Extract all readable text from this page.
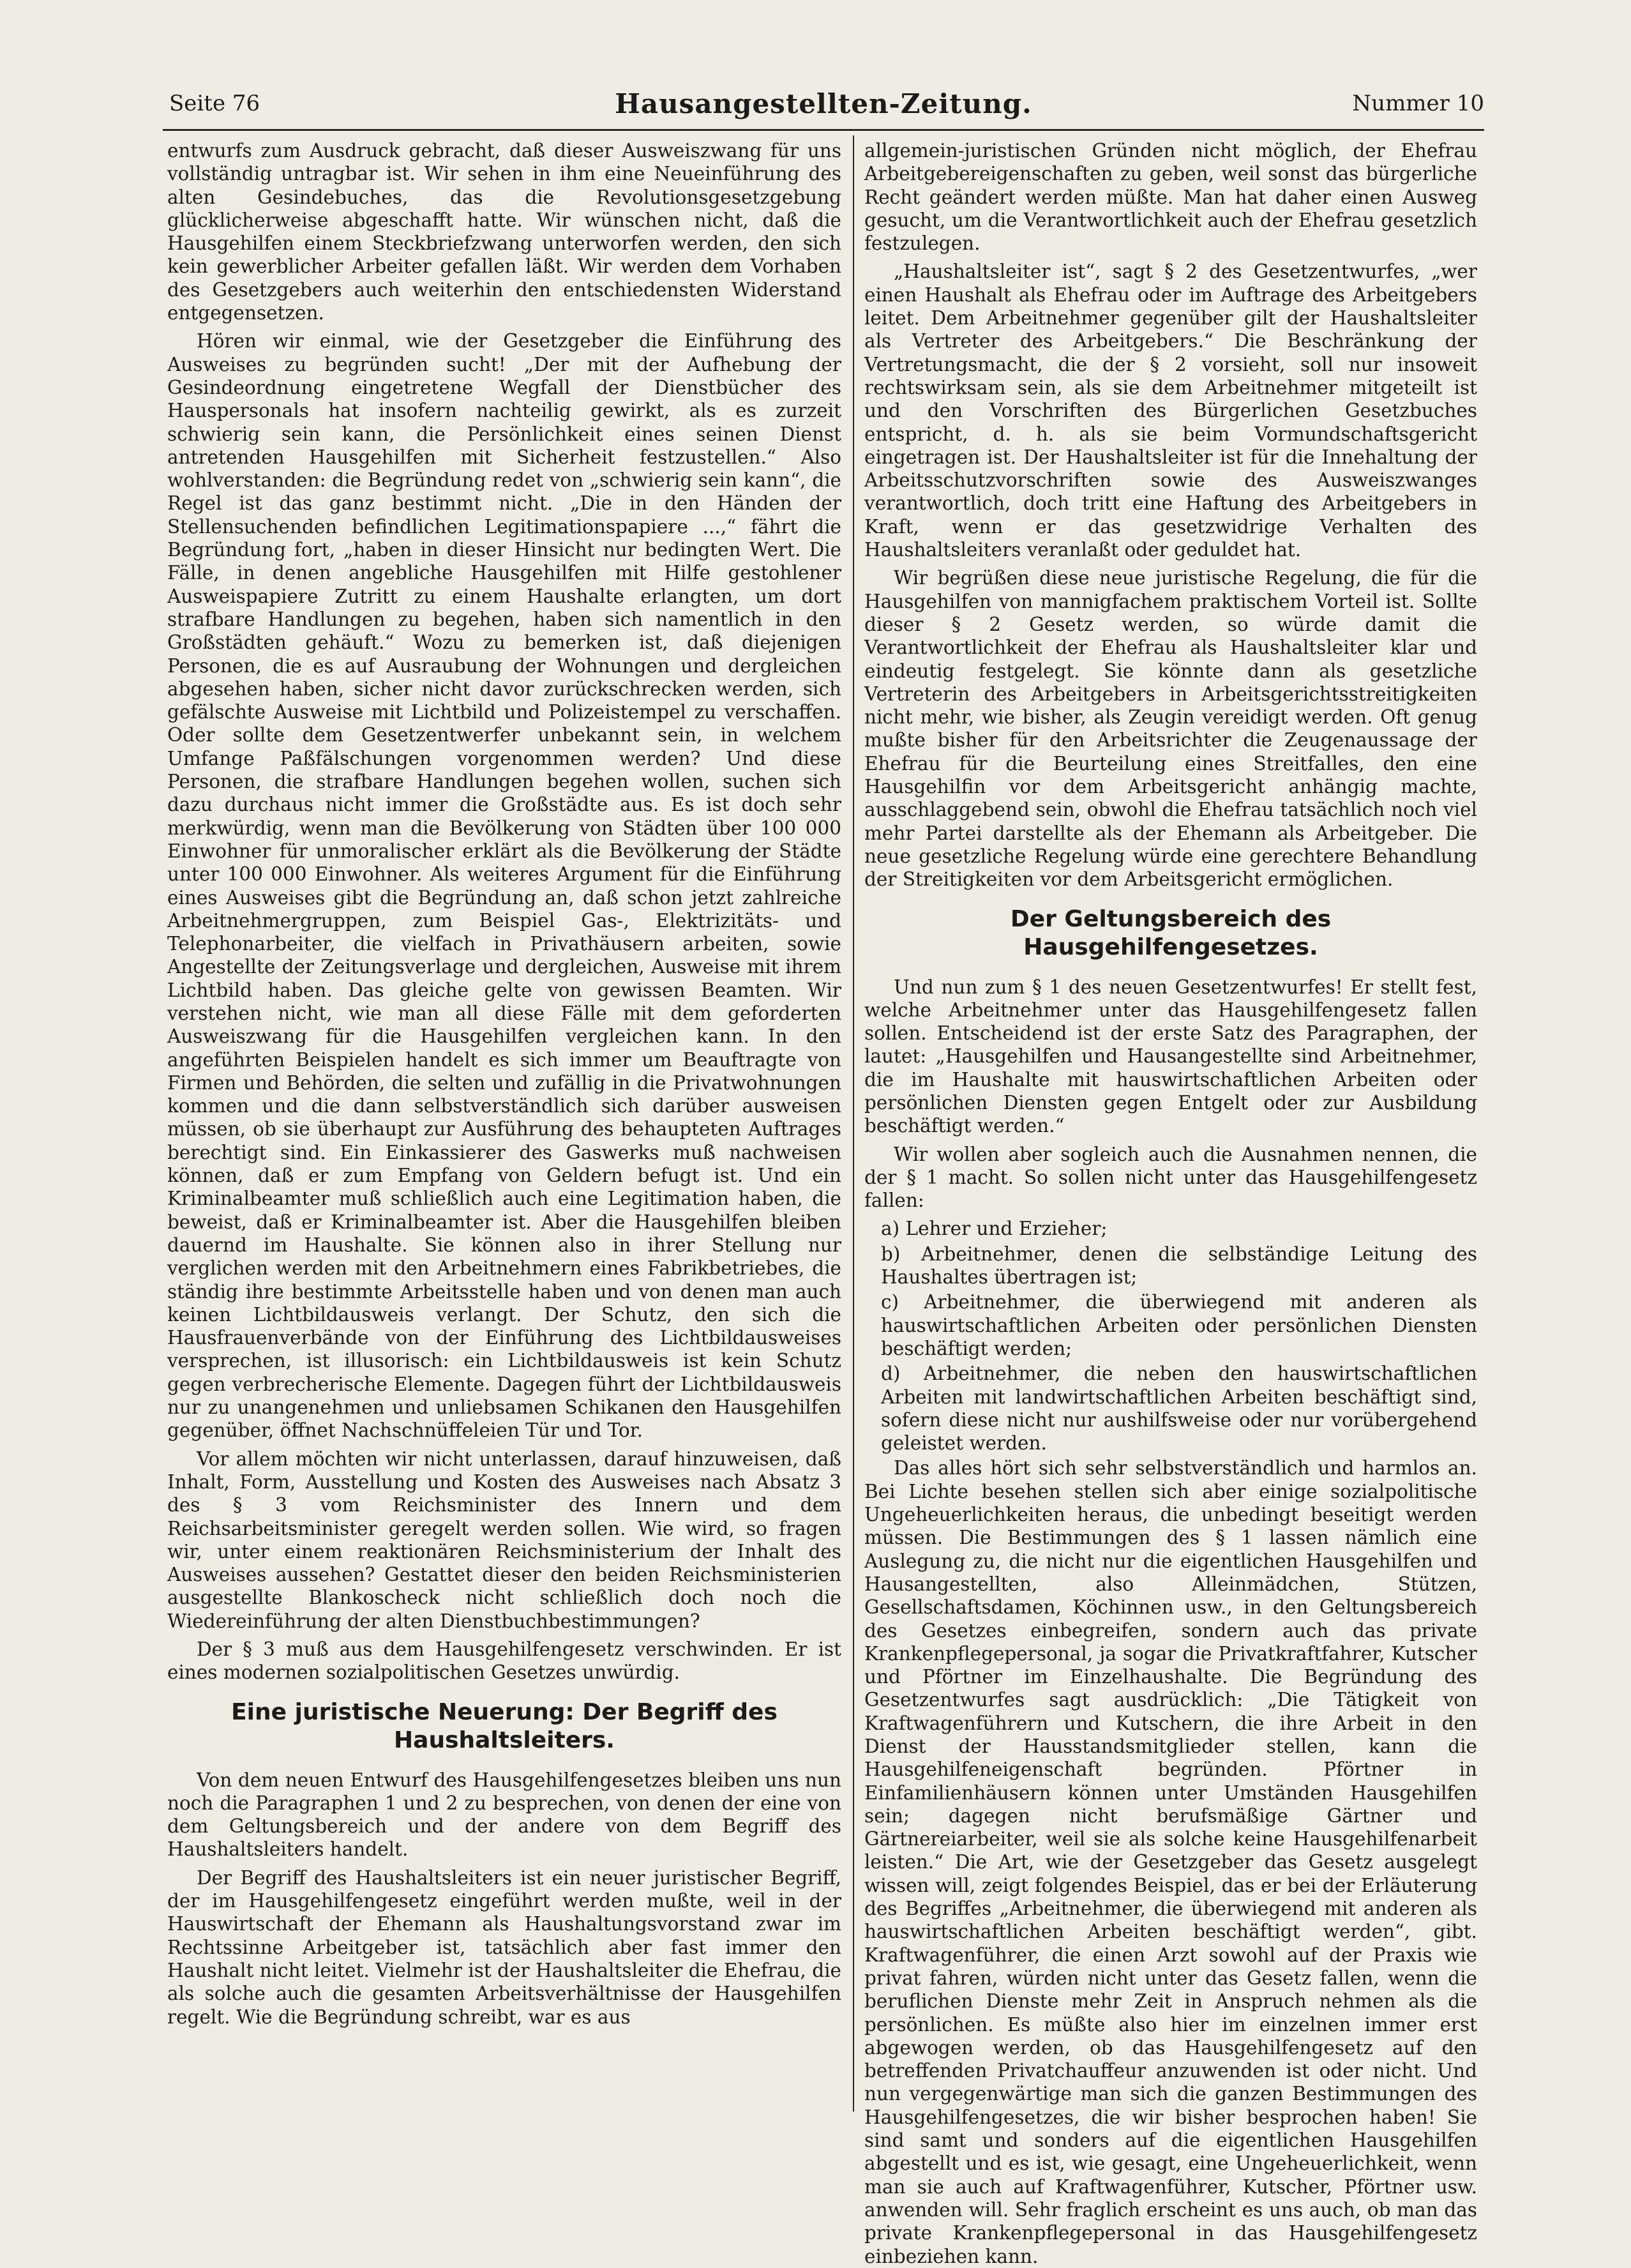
Seite 76	Hausangestellten-Zeitung.	Nummer 10

entwurfs zum Ausdruck gebracht, daß dieser Ausweiszwang für uns vollständig untragbar ist. Wir sehen in ihm eine Neueinführung des alten Gesindebuches, das die Revolutionsgesetzgebung glücklicherweise abgeschafft hatte. Wir wünschen nicht, daß die Hausgehilfen einem Steckbriefzwang unterworfen werden, den sich kein gewerblicher Arbeiter gefallen läßt. Wir werden dem Vorhaben des Gesetzgebers auch weiterhin den entschiedensten Widerstand entgegensetzen.

Hören wir einmal, wie der Gesetzgeber die Einführung des Ausweises zu begründen sucht! „Der mit der Aufhebung der Gesindeordnung eingetretene Wegfall der Dienstbücher des Hauspersonals hat insofern nachteilig gewirkt, als es zurzeit schwierig sein kann, die Persönlichkeit eines seinen Dienst antretenden Hausgehilfen mit Sicherheit festzustellen.“ Also wohlverstanden: die Begründung redet von „schwierig sein kann“, die Regel ist das ganz bestimmt nicht. „Die in den Händen der Stellensuchenden befindlichen Legitimationspapiere ...,“ fährt die Begründung fort, „haben in dieser Hinsicht nur bedingten Wert. Die Fälle, in denen angebliche Hausgehilfen mit Hilfe gestohlener Ausweispapiere Zutritt zu einem Haushalte erlangten, um dort strafbare Handlungen zu begehen, haben sich namentlich in den Großstädten gehäuft.“ Wozu zu bemerken ist, daß diejenigen Personen, die es auf Ausraubung der Wohnungen und dergleichen abgesehen haben, sicher nicht davor zurückschrecken werden, sich gefälschte Ausweise mit Lichtbild und Polizeistempel zu verschaffen. Oder sollte dem Gesetzentwerfer unbekannt sein, in welchem Umfange Paßfälschungen vorgenommen werden? Und diese Personen, die strafbare Handlungen begehen wollen, suchen sich dazu durchaus nicht immer die Großstädte aus. Es ist doch sehr merkwürdig, wenn man die Bevölkerung von Städten über 100 000 Einwohner für unmoralischer erklärt als die Bevölkerung der Städte unter 100 000 Einwohner. Als weiteres Argument für die Einführung eines Ausweises gibt die Begründung an, daß schon jetzt zahlreiche Arbeitnehmergruppen, zum Beispiel Gas-, Elektrizitäts- und Telephonarbeiter, die vielfach in Privathäusern arbeiten, sowie Angestellte der Zeitungsverlage und dergleichen, Ausweise mit ihrem Lichtbild haben. Das gleiche gelte von gewissen Beamten. Wir verstehen nicht, wie man all diese Fälle mit dem geforderten Ausweiszwang für die Hausgehilfen vergleichen kann. In den angeführten Beispielen handelt es sich immer um Beauftragte von Firmen und Behörden, die selten und zufällig in die Privatwohnungen kommen und die dann selbstverständlich sich darüber ausweisen müssen, ob sie überhaupt zur Ausführung des behaupteten Auftrages berechtigt sind. Ein Einkassierer des Gaswerks muß nachweisen können, daß er zum Empfang von Geldern befugt ist. Und ein Kriminalbeamter muß schließlich auch eine Legitimation haben, die beweist, daß er Kriminalbeamter ist. Aber die Hausgehilfen bleiben dauernd im Haushalte. Sie können also in ihrer Stellung nur verglichen werden mit den Arbeitnehmern eines Fabrikbetriebes, die ständig ihre bestimmte Arbeitsstelle haben und von denen man auch keinen Lichtbildausweis verlangt. Der Schutz, den sich die Hausfrauenverbände von der Einführung des Lichtbildausweises versprechen, ist illusorisch: ein Lichtbildausweis ist kein Schutz gegen verbrecherische Elemente. Dagegen führt der Lichtbildausweis nur zu unangenehmen und unliebsamen Schikanen den Hausgehilfen gegenüber, öffnet Nachschnüffeleien Tür und Tor.

Vor allem möchten wir nicht unterlassen, darauf hinzuweisen, daß Inhalt, Form, Ausstellung und Kosten des Ausweises nach Absatz 3 des § 3 vom Reichsminister des Innern und dem Reichsarbeitsminister geregelt werden sollen. Wie wird, so fragen wir, unter einem reaktionären Reichsministerium der Inhalt des Ausweises aussehen? Gestattet dieser den beiden Reichsministerien ausgestellte Blankoscheck nicht schließlich doch noch die Wiedereinführung der alten Dienstbuchbestimmungen?

Der § 3 muß aus dem Hausgehilfengesetz verschwinden. Er ist eines modernen sozialpolitischen Gesetzes unwürdig.

Eine juristische Neuerung: Der Begriff des Haushaltsleiters.

Von dem neuen Entwurf des Hausgehilfengesetzes bleiben uns nun noch die Paragraphen 1 und 2 zu besprechen, von denen der eine von dem Geltungsbereich und der andere von dem Begriff des Haushaltsleiters handelt.

Der Begriff des Haushaltsleiters ist ein neuer juristischer Begriff, der im Hausgehilfengesetz eingeführt werden mußte, weil in der Hauswirtschaft der Ehemann als Haushaltungsvorstand zwar im Rechtssinne Arbeitgeber ist, tatsächlich aber fast immer den Haushalt nicht leitet. Vielmehr ist der Haushaltsleiter die Ehefrau, die als solche auch die gesamten Arbeitsverhältnisse der Hausgehilfen regelt. Wie die Begründung schreibt, war es aus

allgemein-juristischen Gründen nicht möglich, der Ehefrau Arbeitgebereigenschaften zu geben, weil sonst das bürgerliche Recht geändert werden müßte. Man hat daher einen Ausweg gesucht, um die Verantwortlichkeit auch der Ehefrau gesetzlich festzulegen.

„Haushaltsleiter ist“, sagt § 2 des Gesetzentwurfes, „wer einen Haushalt als Ehefrau oder im Auftrage des Arbeitgebers leitet. Dem Arbeitnehmer gegenüber gilt der Haushaltsleiter als Vertreter des Arbeitgebers.“ Die Beschränkung der Vertretungsmacht, die der § 2 vorsieht, soll nur insoweit rechtswirksam sein, als sie dem Arbeitnehmer mitgeteilt ist und den Vorschriften des Bürgerlichen Gesetzbuches entspricht, d. h. als sie beim Vormundschaftsgericht eingetragen ist. Der Haushaltsleiter ist für die Innehaltung der Arbeitsschutzvorschriften sowie des Ausweiszwanges verantwortlich, doch tritt eine Haftung des Arbeitgebers in Kraft, wenn er das gesetzwidrige Verhalten des Haushaltsleiters veranlaßt oder geduldet hat.

Wir begrüßen diese neue juristische Regelung, die für die Hausgehilfen von mannigfachem praktischem Vorteil ist. Sollte dieser § 2 Gesetz werden, so würde damit die Verantwortlichkeit der Ehefrau als Haushaltsleiter klar und eindeutig festgelegt. Sie könnte dann als gesetzliche Vertreterin des Arbeitgebers in Arbeitsgerichtsstreitigkeiten nicht mehr, wie bisher, als Zeugin vereidigt werden. Oft genug mußte bisher für den Arbeitsrichter die Zeugenaussage der Ehefrau für die Beurteilung eines Streitfalles, den eine Hausgehilfin vor dem Arbeitsgericht anhängig machte, ausschlaggebend sein, obwohl die Ehefrau tatsächlich noch viel mehr Partei darstellte als der Ehemann als Arbeitgeber. Die neue gesetzliche Regelung würde eine gerechtere Behandlung der Streitigkeiten vor dem Arbeitsgericht ermöglichen.

Der Geltungsbereich des Hausgehilfengesetzes.

Und nun zum § 1 des neuen Gesetzentwurfes! Er stellt fest, welche Arbeitnehmer unter das Hausgehilfengesetz fallen sollen. Entscheidend ist der erste Satz des Paragraphen, der lautet: „Hausgehilfen und Hausangestellte sind Arbeitnehmer, die im Haushalte mit hauswirtschaftlichen Arbeiten oder persönlichen Diensten gegen Entgelt oder zur Ausbildung beschäftigt werden.“

Wir wollen aber sogleich auch die Ausnahmen nennen, die der § 1 macht. So sollen nicht unter das Hausgehilfengesetz fallen:

a) Lehrer und Erzieher;

b) Arbeitnehmer, denen die selbständige Leitung des Haushaltes übertragen ist;

c) Arbeitnehmer, die überwiegend mit anderen als hauswirtschaftlichen Arbeiten oder persönlichen Diensten beschäftigt werden;

d) Arbeitnehmer, die neben den hauswirtschaftlichen Arbeiten mit landwirtschaftlichen Arbeiten beschäftigt sind, sofern diese nicht nur aushilfsweise oder nur vorübergehend geleistet werden.

Das alles hört sich sehr selbstverständlich und harmlos an. Bei Lichte besehen stellen sich aber einige sozialpolitische Ungeheuerlichkeiten heraus, die unbedingt beseitigt werden müssen. Die Bestimmungen des § 1 lassen nämlich eine Auslegung zu, die nicht nur die eigentlichen Hausgehilfen und Hausangestellten, also Alleinmädchen, Stützen, Gesellschaftsdamen, Köchinnen usw., in den Geltungsbereich des Gesetzes einbegreifen, sondern auch das private Krankenpflegepersonal, ja sogar die Privatkraftfahrer, Kutscher und Pförtner im Einzelhaushalte. Die Begründung des Gesetzentwurfes sagt ausdrücklich: „Die Tätigkeit von Kraftwagenführern und Kutschern, die ihre Arbeit in den Dienst der Hausstandsmitglieder stellen, kann die Hausgehilfeneigenschaft begründen. Pförtner in Einfamilienhäusern können unter Umständen Hausgehilfen sein; dagegen nicht berufsmäßige Gärtner und Gärtnereiarbeiter, weil sie als solche keine Hausgehilfenarbeit leisten.“ Die Art, wie der Gesetzgeber das Gesetz ausgelegt wissen will, zeigt folgendes Beispiel, das er bei der Erläuterung des Begriffes „Arbeitnehmer, die überwiegend mit anderen als hauswirtschaftlichen Arbeiten beschäftigt werden“, gibt. Kraftwagenführer, die einen Arzt sowohl auf der Praxis wie privat fahren, würden nicht unter das Gesetz fallen, wenn die beruflichen Dienste mehr Zeit in Anspruch nehmen als die persönlichen. Es müßte also hier im einzelnen immer erst abgewogen werden, ob das Hausgehilfengesetz auf den betreffenden Privatchauffeur anzuwenden ist oder nicht. Und nun vergegenwärtige man sich die ganzen Bestimmungen des Hausgehilfengesetzes, die wir bisher besprochen haben! Sie sind samt und sonders auf die eigentlichen Hausgehilfen abgestellt und es ist, wie gesagt, eine Ungeheuerlichkeit, wenn man sie auch auf Kraftwagenführer, Kutscher, Pförtner usw. anwenden will. Sehr fraglich erscheint es uns auch, ob man das private Krankenpflegepersonal in das Hausgehilfengesetz einbeziehen kann.
